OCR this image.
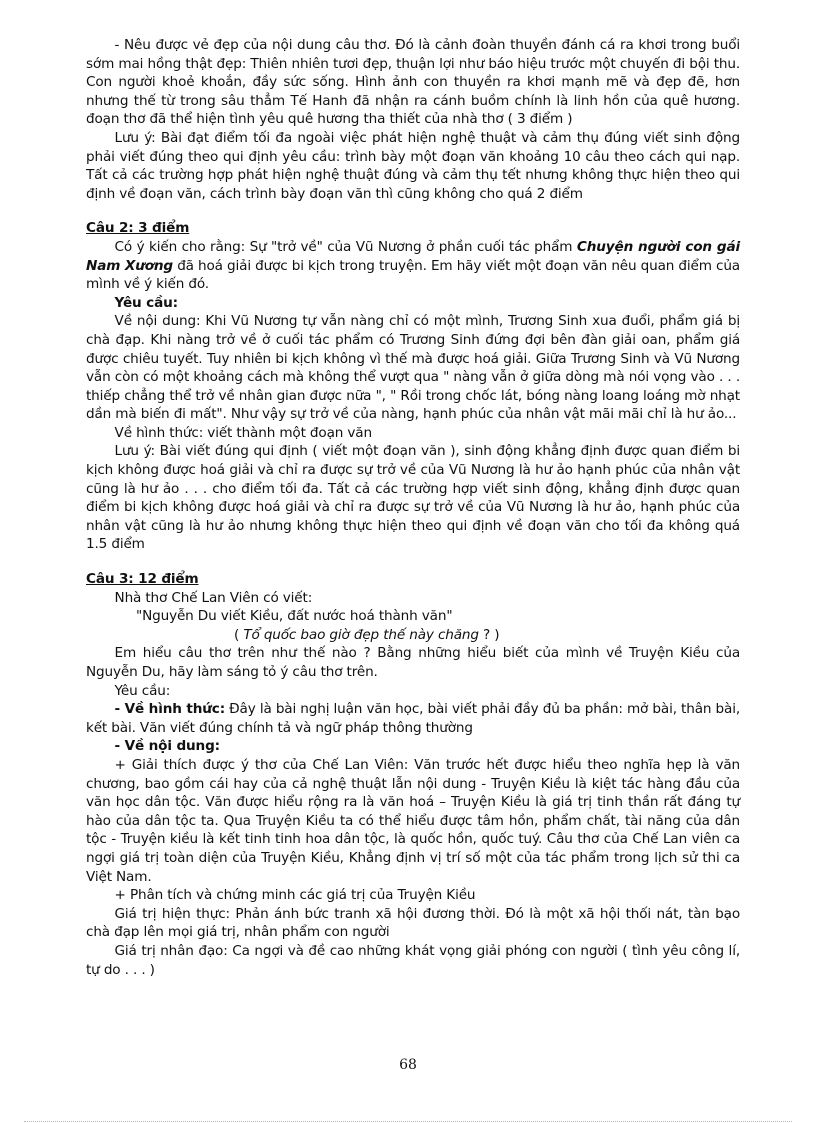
- Nêu được vẻ đẹp của nội dung câu thơ. Đó là cảnh đoàn thuyền đánh cá ra khơi trong buổi sớm mai hồng thật đẹp: Thiên nhiên tươi đẹp, thuận lợi như báo hiệu trước một chuyến đi bội thu. Con người khoẻ khoắn, đầy sức sống. Hình ảnh con thuyền ra khơi mạnh mẽ và đẹp đẽ, hơn nhưng thế từ trong sâu thẳm Tế Hanh đã nhận ra cánh buồm chính là linh hồn của quê hương. đoạn thơ đã thể hiện tình yêu quê hương tha thiết của nhà thơ ( 3 điểm )

Lưu ý: Bài đạt điểm tối đa ngoài việc phát hiện nghệ thuật và cảm thụ đúng viết sinh động phải viết đúng theo qui định yêu cầu: trình bày một đoạn văn khoảng 10 câu theo cách qui nạp. Tất cả các trường hợp phát hiện nghệ thuật đúng và cảm thụ tết nhưng không thực hiện theo qui định về đoạn văn, cách trình bày đoạn văn thì cũng không cho quá 2 điểm

Câu 2: 3 điểm

Có ý kiến cho rằng: Sự "trở về" của Vũ Nương ở phần cuối tác phẩm Chuyện người con gái Nam Xương đã hoá giải được bi kịch trong truyện. Em hãy viết một đoạn văn nêu quan điểm của mình về ý kiến đó.

Yêu cầu:

Về nội dung: Khi Vũ Nương tự vẫn nàng chỉ có một mình, Trương Sinh xua đuổi, phẩm giá bị chà đạp. Khi nàng trở về ở cuối tác phẩm có Trương Sinh đứng đợi bên đàn giải oan, phẩm giá được chiêu tuyết. Tuy nhiên bi kịch không vì thế mà được hoá giải. Giữa Trương Sinh và Vũ Nương vẫn còn có một khoảng cách mà không thể vượt qua " nàng vẫn ở giữa dòng mà nói vọng vào . . . thiếp chẳng thể trở về nhân gian được nữa ", " Rồi trong chốc lát, bóng nàng loang loáng mờ nhạt dần mà biến đi mất". Như vậy sự trở về của nàng, hạnh phúc của nhân vật mãi mãi chỉ là hư ảo...

Về hình thức: viết thành một đoạn văn

Lưu ý: Bài viết đúng qui định ( viết một đoạn văn ), sinh động khẳng định được quan điểm bi kịch không được hoá giải và chỉ ra được sự trở về của Vũ Nương là hư ảo hạnh phúc của nhân vật cũng là hư ảo . . . cho điểm tối đa. Tất cả các trường hợp viết sinh động, khẳng định được quan điểm bi kịch không được hoá giải và chỉ ra được sự trở về của Vũ Nương là hư ảo, hạnh phúc của nhân vật cũng là hư ảo nhưng không thực hiện theo qui định về đoạn văn cho tối đa không quá 1.5 điểm

Câu 3: 12 điểm

Nhà thơ Chế Lan Viên có viết:

"Nguyễn Du viết Kiều, đất nước hoá thành văn"

( Tổ quốc bao giờ đẹp thế này chăng ? )

Em hiểu câu thơ trên như thế nào ? Bằng những hiểu biết của mình về Truyện Kiều của Nguyễn Du, hãy làm sáng tỏ ý câu thơ trên.

Yêu cầu:

- Về hình thức: Đây là bài nghị luận văn học, bài viết phải đầy đủ ba phần: mở bài, thân bài, kết bài. Văn viết đúng chính tả và ngữ pháp thông thường

- Về nội dung:

+ Giải thích được ý thơ của Chế Lan Viên: Văn trước hết được hiểu theo nghĩa hẹp là văn chương, bao gồm cái hay của cả nghệ thuật lẫn nội dung - Truyện Kiều là kiệt tác hàng đầu của văn học dân tộc. Văn được hiểu rộng ra là văn hoá – Truyện Kiều là giá trị tinh thần rất đáng tự hào của dân tộc ta. Qua Truyện Kiều ta có thể hiểu được tâm hồn, phẩm chất, tài năng của dân tộc - Truyện kiều là kết tinh tinh hoa dân tộc, là quốc hồn, quốc tuý. Câu thơ của Chế Lan viên ca ngợi giá trị toàn diện của Truyện Kiều, Khẳng định vị trí số một của tác phẩm trong lịch sử thi ca Việt Nam.

+ Phân tích và chứng minh các giá trị của Truyện Kiều

Giá trị hiện thực: Phản ánh bức tranh xã hội đương thời. Đó là một xã hội thối nát, tàn bạo chà đạp lên mọi giá trị, nhân phẩm con người

Giá trị nhân đạo: Ca ngợi và đề cao những khát vọng giải phóng con người ( tình yêu công lí, tự do . . . )

68
